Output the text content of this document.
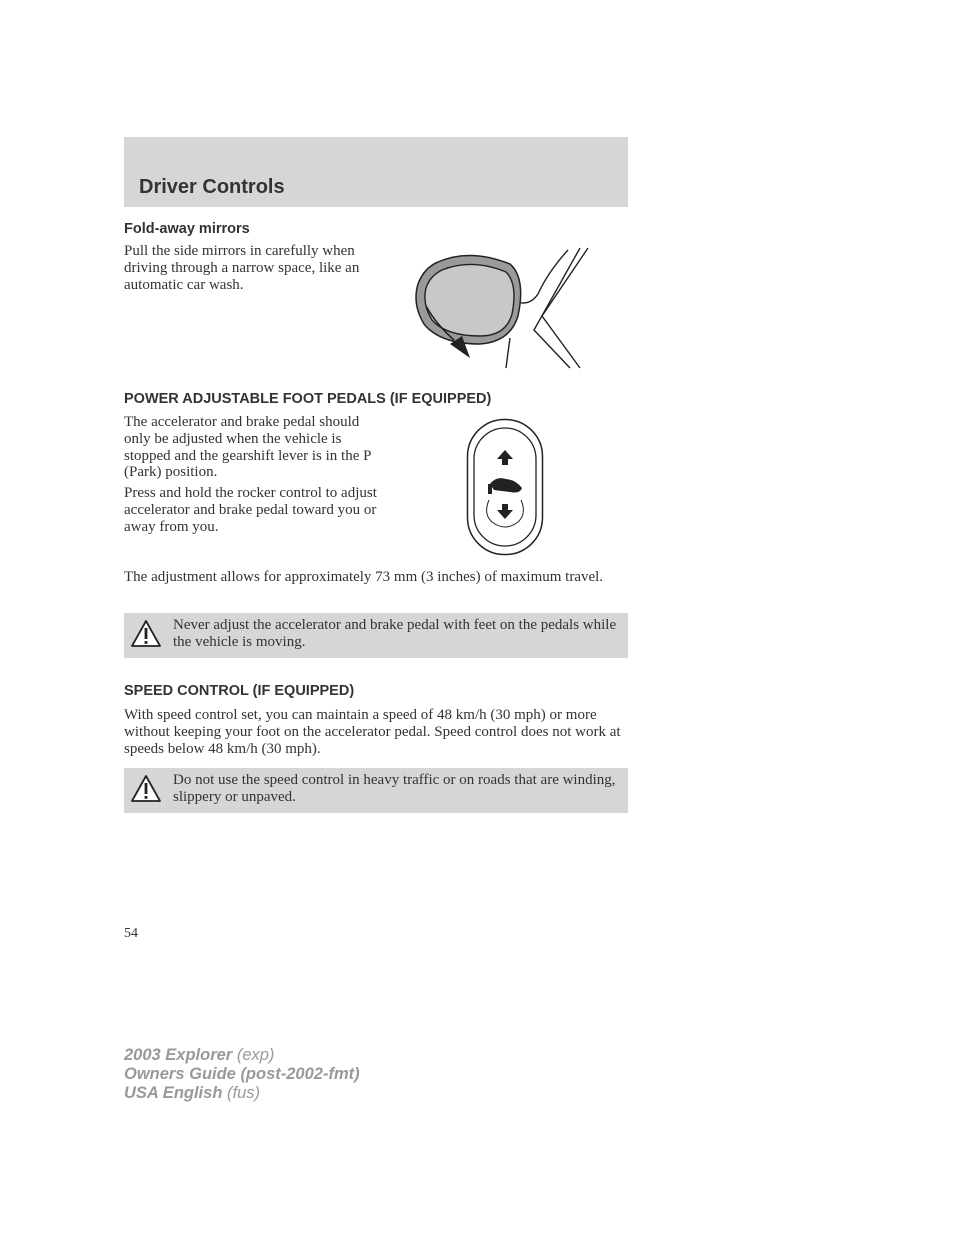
Driver Controls
Fold-away mirrors

Pull the side mirrors in carefully when driving through a narrow space, like an automatic car wash.

POWER ADJUSTABLE FOOT PEDALS (IF EQUIPPED)

The accelerator and brake pedal should only be adjusted when the vehicle is stopped and the gearshift lever is in the P (Park) position.

Press and hold the rocker control to adjust accelerator and brake pedal toward you or away from you.

The adjustment allows for approximately 73 mm (3 inches) of maximum travel.

Never adjust the accelerator and brake pedal with feet on the pedals while the vehicle is moving.

SPEED CONTROL (IF EQUIPPED)

With speed control set, you can maintain a speed of 48 km/h (30 mph) or more without keeping your foot on the accelerator pedal. Speed control does not work at speeds below 48 km/h (30 mph).

Do not use the speed control in heavy traffic or on roads that are winding, slippery or unpaved.

54

2003 Explorer (exp)
Owners Guide (post-2002-fmt)
USA English (fus)
